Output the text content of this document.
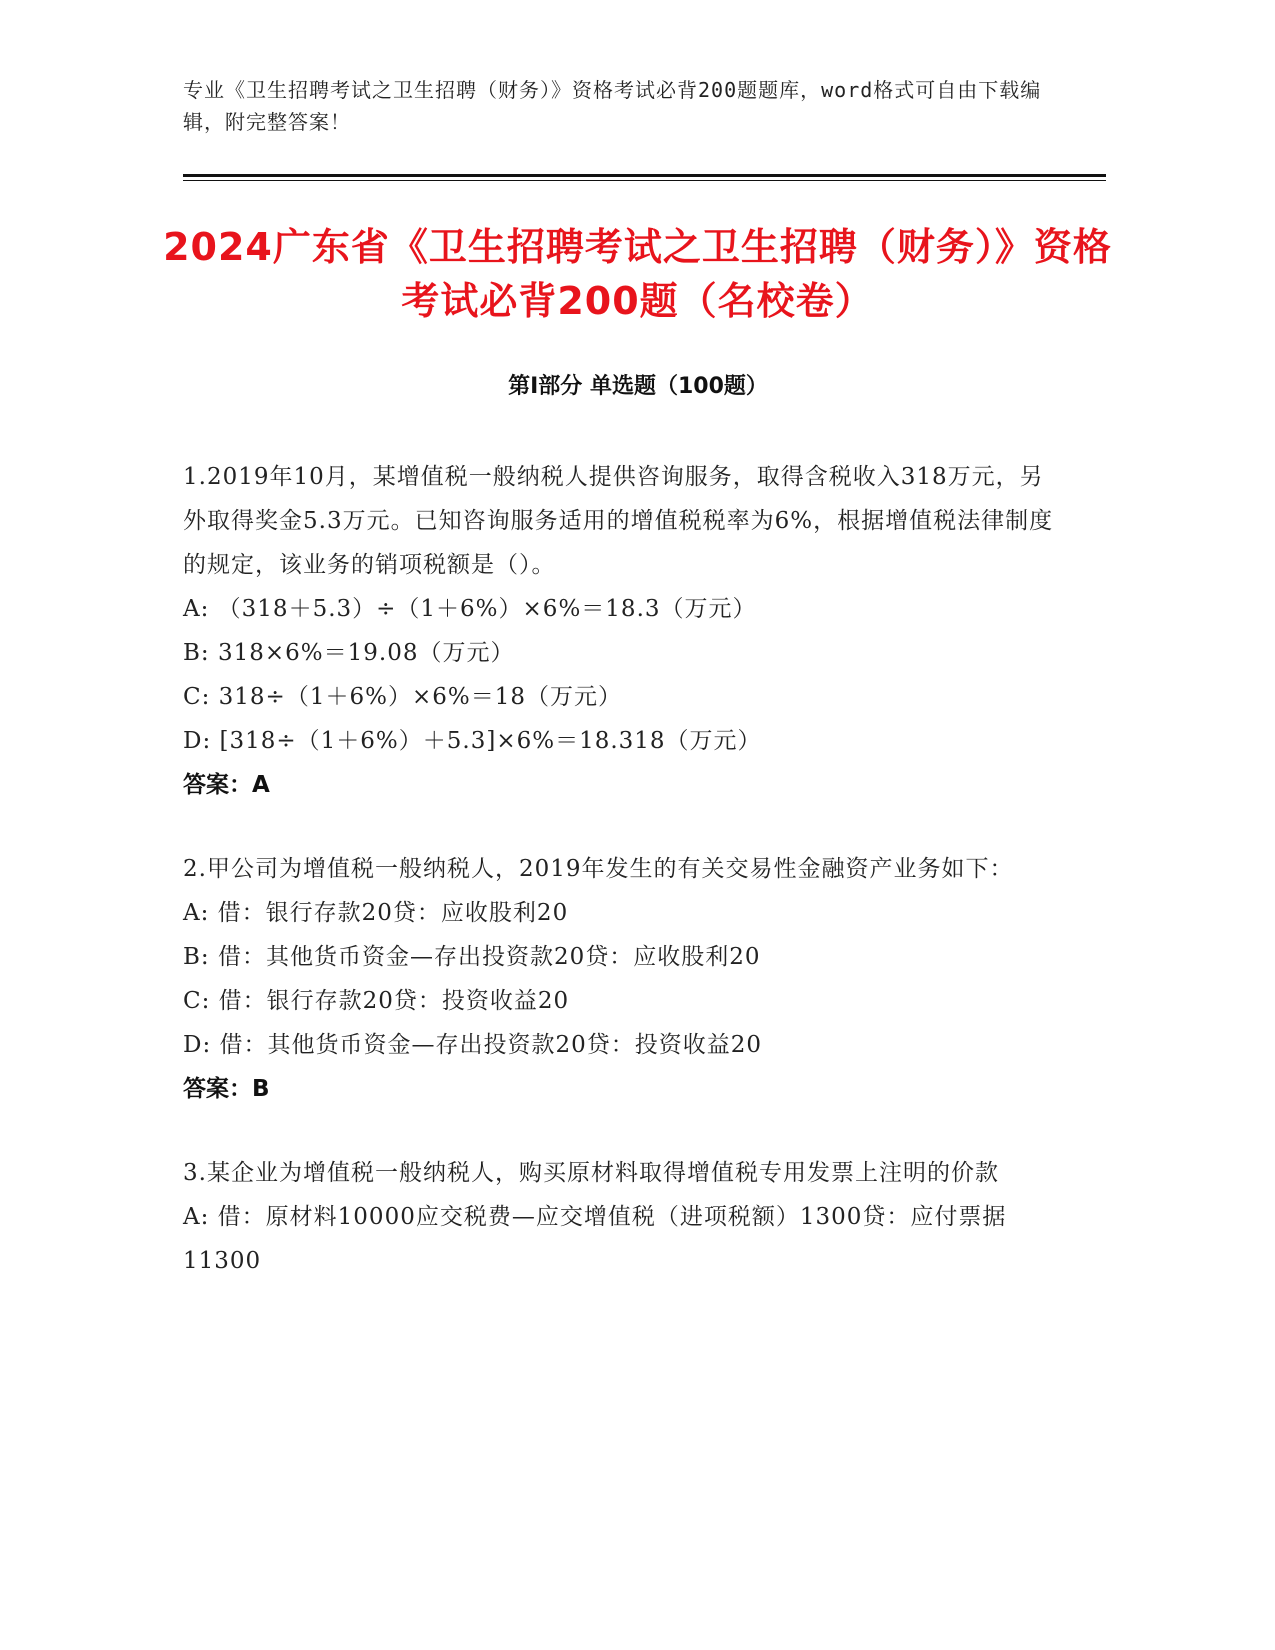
专业《卫生招聘考试之卫生招聘（财务）》资格考试必背200题题库，word格式可自由下载编辑，附完整答案！
2024广东省《卫生招聘考试之卫生招聘（财务）》资格考试必背200题（名校卷）
第Ⅰ部分 单选题（100题）
1.2019年10月，某增值税一般纳税人提供咨询服务，取得含税收入318万元，另外取得奖金5.3万元。已知咨询服务适用的增值税税率为6%，根据增值税法律制度的规定，该业务的销项税额是（）。
A: （318＋5.3）÷（1＋6%）×6%＝18.3（万元）
B: 318×6%＝19.08（万元）
C: 318÷（1＋6%）×6%＝18（万元）
D: [318÷（1＋6%）＋5.3]×6%＝18.318（万元）
答案：A
2.甲公司为增值税一般纳税人，2019年发生的有关交易性金融资产业务如下：
A: 借：银行存款20贷：应收股利20
B: 借：其他货币资金—存出投资款20贷：应收股利20
C: 借：银行存款20贷：投资收益20
D: 借：其他货币资金—存出投资款20贷：投资收益20
答案：B
3.某企业为增值税一般纳税人，购买原材料取得增值税专用发票上注明的价款
A: 借：原材料10000应交税费—应交增值税（进项税额）1300贷：应付票据11300
